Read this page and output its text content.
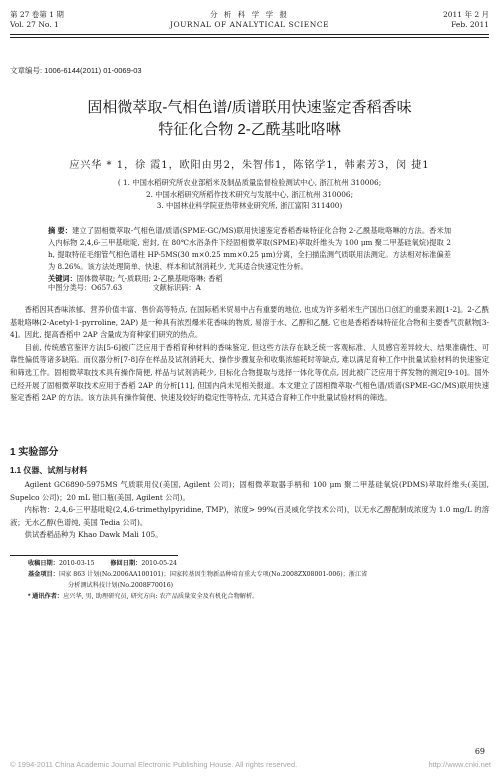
第 27 卷第 1 期
Vol. 27 No. 1
分 析 科 学 学 报
JOURNAL OF ANALYTICAL SCIENCE
2011 年 2 月
Feb. 2011
文章编号: 1006-6144(2011) 01-0069-03
固相微萃取-气相色谱/质谱联用快速鉴定香稻香味
特征化合物 2-乙酰基吡咯啉
应兴华 * 1，徐 霞1，欧阳由男2，朱智伟1，陈铭学1，韩素芳3，闵 捷1
( 1. 中国水稻研究所农业部稻米及制品质量监督检验测试中心, 浙江杭州 310006;
2. 中国水稻研究所稻作技术研究与发展中心, 浙江杭州 310006;
3. 中国林业科学院亚热带林业研究所, 浙江富阳 311400)
摘 要：建立了固相微萃取-气相色谱/质谱(SPME-GC/MS)联用快速鉴定香稻香味特征化合物 2-乙酰基吡咯啉的方法。香米加入内标物 2,4,6-三甲基吡啶, 密封, 在 80℃水浴条件下经固相微萃取(SPME)萃取纤维头为 100 μm 聚二甲基硅氧烷)提取 2 h, 提取特征毛细管气相色谱柱 HP-5MS(30 m×0.25 mm×0.25 μm)分离，全扫描监测气质联用法测定。方法相对标准偏差为 8.26%。该方法处理简单、快速、样本和试剂消耗少, 尤其适合快速定性分析。
关键词：固体微萃取; 气-质联用; 2-乙酰基吡咯啉; 香稻
中图分类号：O657.63	文献标识码：A

香稻因其香味浓郁、营养价值丰富、售价高等特点, 在国际稻米贸易中占有重要的地位, 也成为许多稻米生产国出口创汇的重要来源[1-2]。2-乙酰基吡咯啉(2-Acetyl-1-pyrroline, 2AP) 是一种具有浓烈爆米花香味的物质, 易溶于水、乙醇和乙醚, 它也是香稻香味特征化合物和主要香气贡献物[3-4]。因此, 提高香稻中 2AP 含量成为育种家们研究的热点。

目前, 传统感官鉴评方法[5-6]被广泛应用于香稻育种材料的香味鉴定, 但这些方法存在缺乏统一客观标准、人员感官差异较大、结果准确性、可靠性偏低等诸多缺陷。而仪器分析[7-8]存在样品及试剂消耗大、操作步骤复杂和收集浓缩耗时等缺点, 难以满足育种工作中批量试验材料的快速鉴定和筛选工作。固相微萃取技术具有操作简便, 样品与试剂消耗少, 目标化合物提取与选择一体化等优点, 因此被广泛应用于挥发物的测定[9-10]。国外已经开展了固相微萃取技术应用于香稻 2AP 的分析[11], 但国内尚未见相关报道。本文建立了固相微萃取-气相色谱/质谱(SPME-GC/MS)联用快速鉴定香稻 2AP 的方法。该方法具有操作简便、快速及较好的稳定性等特点, 尤其适合育种工作中批量试验材料的筛选。

1 实验部分
1.1 仪器、试剂与材料

Agilent GC6890-5975MS 气质联用仪(美国, Agilent 公司)；固相微萃取器手柄和 100 μm 聚二甲基硅氧烷(PDMS)萃取纤维头(美国, Supelco 公司)；20 mL 钳口瓶(美国, Agilent 公司)。

内标物：2,4,6-三甲基吡啶(2,4,6-trimethylpyridine, TMP)，浓度> 99%(百灵威化学技术公司)，以无水乙醇配制成浓度为 1.0 mg/L 的溶液；无水乙醇(色谱纯, 美国 Tedia 公司)。

供试香稻品种为 Khao Dawk Mali 105。

收稿日期：2010-03-15	修回日期：2010-05-24

基金项目：国家 863 计划(No.2006AA100101)；国家转基因生物新品种培育重大专项(No.2008ZX08001-006)；浙江省

分析测试科技计划(No.2008F70016)

* 通讯作者：应兴华, 男, 助理研究员, 研究方向: 农产品质量安全及有机化合物解析。

69
© 1994-2011 China Academic Journal Electronic Publishing House. All rights reserved.	http://www.cnki.net
